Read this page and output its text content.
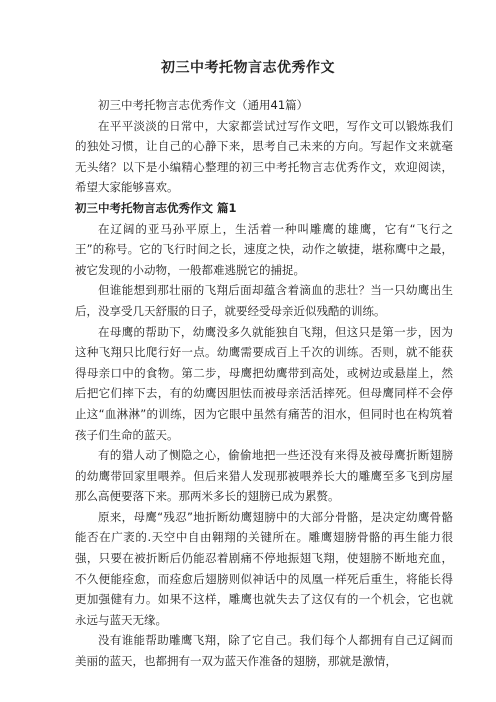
初三中考托物言志优秀作文

初三中考托物言志优秀作文（通用41篇）

在平平淡淡的日常中，大家都尝试过写作文吧，写作文可以锻炼我们的独处习惯，让自己的心静下来，思考自己未来的方向。写起作文来就毫无头绪？以下是小编精心整理的初三中考托物言志优秀作文，欢迎阅读，希望大家能够喜欢。

初三中考托物言志优秀作文 篇1

在辽阔的亚马孙平原上，生活着一种叫雕鹰的雄鹰，它有“飞行之王”的称号。它的飞行时间之长，速度之快，动作之敏捷，堪称鹰中之最，被它发现的小动物，一般都难逃脱它的捕捉。

但谁能想到那壮丽的飞翔后面却蕴含着滴血的悲壮？当一只幼鹰出生后，没享受几天舒服的日子，就要经受母亲近似残酷的训练。

在母鹰的帮助下，幼鹰没多久就能独自飞翔，但这只是第一步，因为这种飞翔只比爬行好一点。幼鹰需要成百上千次的训练。否则，就不能获得母亲口中的食物。第二步，母鹰把幼鹰带到高处，或树边或悬崖上，然后把它们摔下去，有的幼鹰因胆怯而被母亲活活摔死。但母鹰同样不会停止这“血淋淋”的训练，因为它眼中虽然有痛苦的泪水，但同时也在构筑着孩子们生命的蓝天。

有的猎人动了恻隐之心，偷偷地把一些还没有来得及被母鹰折断翅膀的幼鹰带回家里喂养。但后来猎人发现那被喂养长大的雕鹰至多飞到房屋那么高便要落下来。那两米多长的翅膀已成为累赘。

原来，母鹰“残忍”地折断幼鹰翅膀中的大部分骨骼，是决定幼鹰骨骼能否在广袤的.天空中自由翱翔的关键所在。雕鹰翅膀骨骼的再生能力很强，只要在被折断后仍能忍着剧痛不停地振翅飞翔，使翅膀不断地充血，不久便能痊愈，而痊愈后翅膀则似神话中的凤凰一样死后重生，将能长得更加强健有力。如果不这样，雕鹰也就失去了这仅有的一个机会，它也就永远与蓝天无缘。

没有谁能帮助雕鹰飞翔，除了它自己。我们每个人都拥有自己辽阔而美丽的蓝天，也都拥有一双为蓝天作准备的翅膀，那就是激情，
